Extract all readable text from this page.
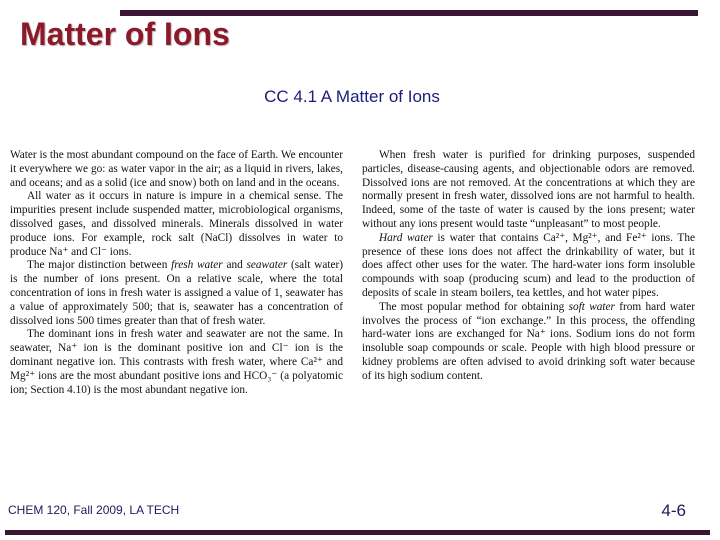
Matter of Ions
CC 4.1 A Matter of Ions

Water is the most abundant compound on the face of Earth. We encounter it everywhere we go: as water vapor in the air; as a liquid in rivers, lakes, and oceans; and as a solid (ice and snow) both on land and in the oceans.

All water as it occurs in nature is impure in a chemical sense. The impurities present include suspended matter, microbiological organisms, dissolved gases, and dissolved minerals. Minerals dissolved in water produce ions. For example, rock salt (NaCl) dissolves in water to produce Na⁺ and Cl⁻ ions.

The major distinction between fresh water and seawater (salt water) is the number of ions present. On a relative scale, where the total concentration of ions in fresh water is assigned a value of 1, seawater has a value of approximately 500; that is, seawater has a concentration of dissolved ions 500 times greater than that of fresh water.

The dominant ions in fresh water and seawater are not the same. In seawater, Na⁺ ion is the dominant positive ion and Cl⁻ ion is the dominant negative ion. This contrasts with fresh water, where Ca²⁺ and Mg²⁺ ions are the most abundant positive ions and HCO₃⁻ (a polyatomic ion; Section 4.10) is the most abundant negative ion.

When fresh water is purified for drinking purposes, suspended particles, disease-causing agents, and objectionable odors are removed. Dissolved ions are not removed. At the concentrations at which they are normally present in fresh water, dissolved ions are not harmful to health. Indeed, some of the taste of water is caused by the ions present; water without any ions present would taste “unpleasant” to most people.

Hard water is water that contains Ca²⁺, Mg²⁺, and Fe²⁺ ions. The presence of these ions does not affect the drinkability of water, but it does affect other uses for the water. The hard-water ions form insoluble compounds with soap (producing scum) and lead to the production of deposits of scale in steam boilers, tea kettles, and hot water pipes.

The most popular method for obtaining soft water from hard water involves the process of “ion exchange.” In this process, the offending hard-water ions are exchanged for Na⁺ ions. Sodium ions do not form insoluble soap compounds or scale. People with high blood pressure or kidney problems are often advised to avoid drinking soft water because of its high sodium content.

CHEM 120, Fall 2009, LA TECH	4-6
